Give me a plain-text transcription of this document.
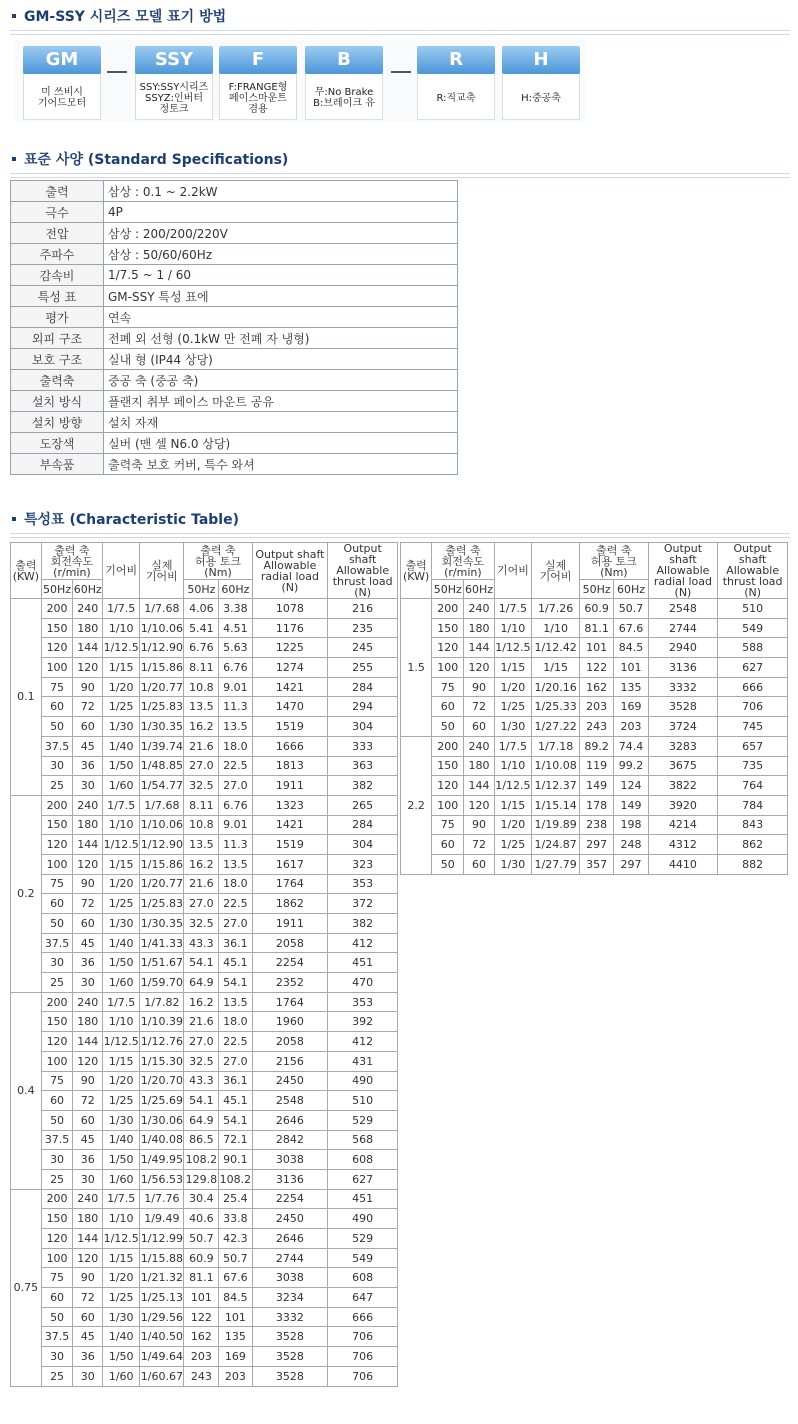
GM-SSY 시리즈 모델 표기 방법
GM
미 쓰비시
기어드모터
SSY
SSY:SSY시리즈
SSYZ:인버터
정토크
F
F:FRANGE형
페이스마운트
겸용
B
무:No Brake
B:브레이크 유
R
R:직교축
H
H:중공축
표준 사양 (Standard Specifications)
출력	삼상 : 0.1 ~ 2.2kW
극수	4P
전압	삼상 : 200/200/220V
주파수	삼상 : 50/60/60Hz
감속비	1/7.5 ~ 1 / 60
특성 표	GM-SSY 특성 표에
평가	연속
외피 구조	전폐 외 선형 (0.1kW 만 전폐 자 냉형)
보호 구조	실내 형 (IP44 상당)
출력축	중공 축 (중공 축)
설치 방식	플랜지 취부 페이스 마운트 공유
설치 방향	설치 자재
도장색	실버 (맨 셀 N6.0 상당)
부속품	출력축 보호 커버, 특수 와셔
특성표 (Characteristic Table)
출력
(KW)	출력 축
회전속도
(r/min)		기어비	실제
기어비	출력 축
허용 토크
(Nm)		Output shaft
Allowable
radial load
(N)	Output shaft
Allowable
thrust load
(N)
	50Hz	60Hz			50Hz	60Hz		
0.1	200	240	1/7.5	1/7.68	4.06	3.38	1078	216
	150	180	1/10	1/10.06	5.41	4.51	1176	235
	120	144	1/12.5	1/12.90	6.76	5.63	1225	245
	100	120	1/15	1/15.86	8.11	6.76	1274	255
	75	90	1/20	1/20.77	10.8	9.01	1421	284
	60	72	1/25	1/25.83	13.5	11.3	1470	294
	50	60	1/30	1/30.35	16.2	13.5	1519	304
	37.5	45	1/40	1/39.74	21.6	18.0	1666	333
	30	36	1/50	1/48.85	27.0	22.5	1813	363
	25	30	1/60	1/54.77	32.5	27.0	1911	382
0.2	200	240	1/7.5	1/7.68	8.11	6.76	1323	265
	150	180	1/10	1/10.06	10.8	9.01	1421	284
	120	144	1/12.5	1/12.90	13.5	11.3	1519	304
	100	120	1/15	1/15.86	16.2	13.5	1617	323
	75	90	1/20	1/20.77	21.6	18.0	1764	353
	60	72	1/25	1/25.83	27.0	22.5	1862	372
	50	60	1/30	1/30.35	32.5	27.0	1911	382
	37.5	45	1/40	1/41.33	43.3	36.1	2058	412
	30	36	1/50	1/51.67	54.1	45.1	2254	451
	25	30	1/60	1/59.70	64.9	54.1	2352	470
0.4	200	240	1/7.5	1/7.82	16.2	13.5	1764	353
	150	180	1/10	1/10.39	21.6	18.0	1960	392
	120	144	1/12.5	1/12.76	27.0	22.5	2058	412
	100	120	1/15	1/15.30	32.5	27.0	2156	431
	75	90	1/20	1/20.70	43.3	36.1	2450	490
	60	72	1/25	1/25.69	54.1	45.1	2548	510
	50	60	1/30	1/30.06	64.9	54.1	2646	529
	37.5	45	1/40	1/40.08	86.5	72.1	2842	568
	30	36	1/50	1/49.95	108.2	90.1	3038	608
	25	30	1/60	1/56.53	129.8	108.2	3136	627
0.75	200	240	1/7.5	1/7.76	30.4	25.4	2254	451
	150	180	1/10	1/9.49	40.6	33.8	2450	490
	120	144	1/12.5	1/12.99	50.7	42.3	2646	529
	100	120	1/15	1/15.88	60.9	50.7	2744	549
	75	90	1/20	1/21.32	81.1	67.6	3038	608
	60	72	1/25	1/25.13	101	84.5	3234	647
	50	60	1/30	1/29.56	122	101	3332	666
	37.5	45	1/40	1/40.50	162	135	3528	706
	30	36	1/50	1/49.64	203	169	3528	706
	25	30	1/60	1/60.67	243	203	3528	706
출력
(KW)	출력 축
회전속도
(r/min)		기어비	실제
기어비	출력 축
허용 토크
(Nm)		Output
shaft
Allowable
radial load
(N)	Output
shaft
Allowable
thrust load
(N)
	50Hz	60Hz			50Hz	60Hz		
1.5	200	240	1/7.5	1/7.26	60.9	50.7	2548	510
	150	180	1/10	1/10	81.1	67.6	2744	549
	120	144	1/12.5	1/12.42	101	84.5	2940	588
	100	120	1/15	1/15	122	101	3136	627
	75	90	1/20	1/20.16	162	135	3332	666
	60	72	1/25	1/25.33	203	169	3528	706
	50	60	1/30	1/27.22	243	203	3724	745
2.2	200	240	1/7.5	1/7.18	89.2	74.4	3283	657
	150	180	1/10	1/10.08	119	99.2	3675	735
	120	144	1/12.5	1/12.37	149	124	3822	764
	100	120	1/15	1/15.14	178	149	3920	784
	75	90	1/20	1/19.89	238	198	4214	843
	60	72	1/25	1/24.87	297	248	4312	862
	50	60	1/30	1/27.79	357	297	4410	882
